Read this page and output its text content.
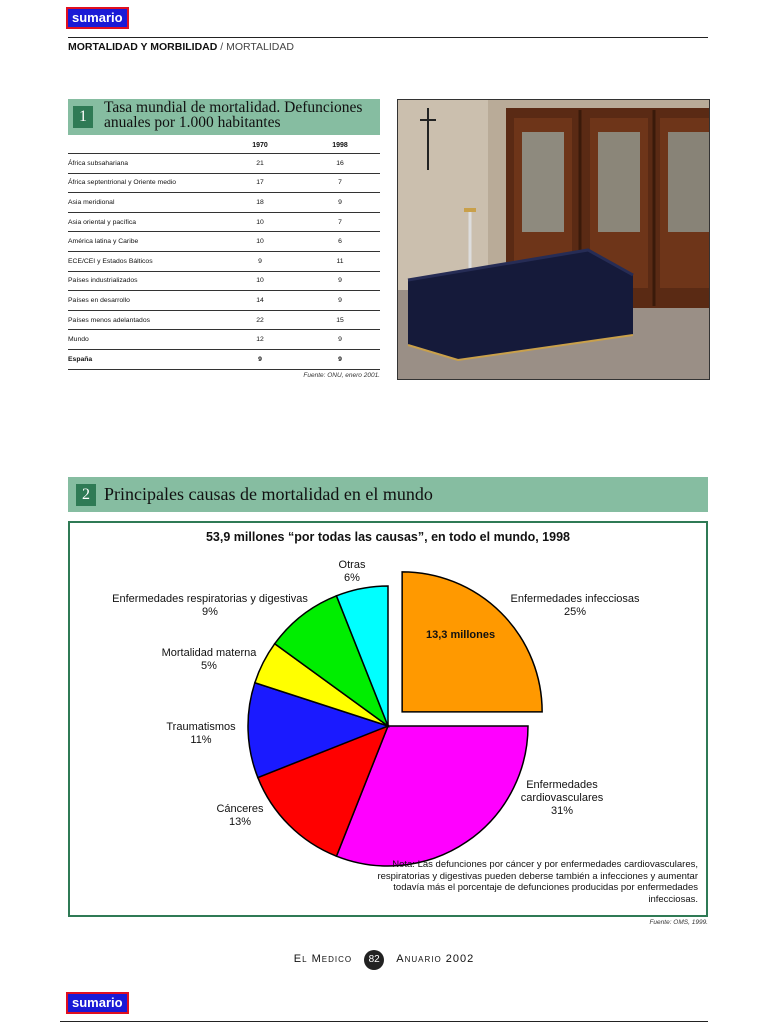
sumario
MORTALIDAD Y MORBILIDAD / MORTALIDAD
1
Tasa mundial de mortalidad. Defunciones anuales por 1.000 habitantes
	1970	1998
África subsahariana	21	16
África septentrional y Oriente medio	17	7
Asia meridional	18	9
Asia oriental y pacífica	10	7
América latina y Caribe	10	6
ECE/CEI y Estados Bálticos	9	11
Países industrializados	10	9
Países en desarrollo	14	9
Países menos adelantados	22	15
Mundo	12	9
España	9	9
Fuente: ONU, enero 2001.
2 Principales causas de mortalidad en el mundo
53,9 millones “por todas las causas”, en todo el mundo, 1998
Otras
6%
Enfermedades respiratorias y digestivas
9%
Mortalidad materna
5%
Traumatismos
11%
Cánceres
13%
Enfermedades infecciosas
25%
13,3 millones
Enfermedades cardiovasculares
31%
Nota: Las defunciones por cáncer y por enfermedades cardiovasculares, respiratorias y digestivas pueden deberse también a infecciones y aumentar todavía más el porcentaje de defunciones producidas por enfermedades infecciosas.
Fuente: OMS, 1999.
El Medico 82 Anuario 2002
sumario
